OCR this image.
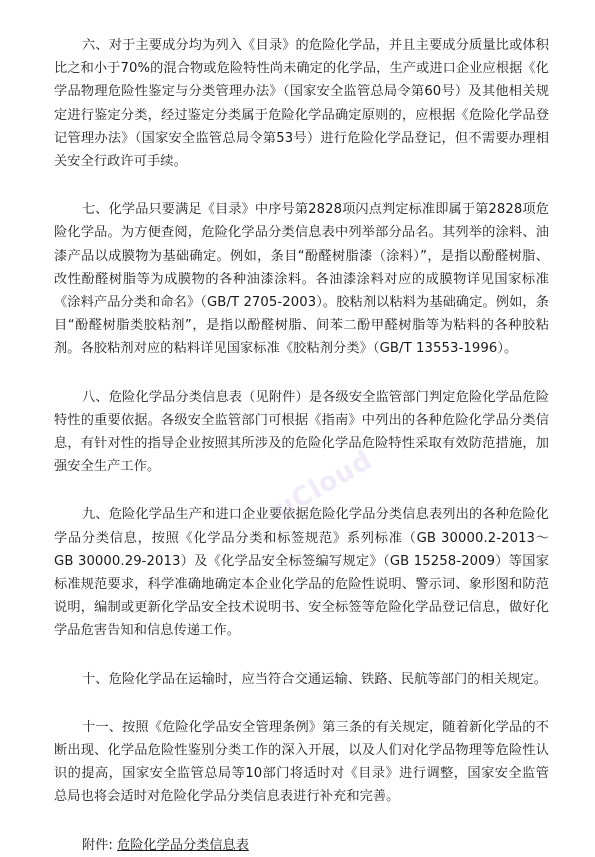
六、对于主要成分均为列入《目录》的危险化学品，并且主要成分质量比或体积比之和小于70%的混合物或危险特性尚未确定的化学品，生产或进口企业应根据《化学品物理危险性鉴定与分类管理办法》（国家安全监管总局令第60号）及其他相关规定进行鉴定分类，经过鉴定分类属于危险化学品确定原则的，应根据《危险化学品登记管理办法》（国家安全监管总局令第53号）进行危险化学品登记，但不需要办理相关安全行政许可手续。

七、化学品只要满足《目录》中序号第2828项闪点判定标准即属于第2828项危险化学品。为方便查阅，危险化学品分类信息表中列举部分品名。其列举的涂料、油漆产品以成膜物为基础确定。例如，条目“酚醛树脂漆（涂料）”，是指以酚醛树脂、改性酚醛树脂等为成膜物的各种油漆涂料。各油漆涂料对应的成膜物详见国家标准《涂料产品分类和命名》（GB/T 2705-2003）。胶粘剂以粘料为基础确定。例如，条目“酚醛树脂类胶粘剂”，是指以酚醛树脂、间苯二酚甲醛树脂等为粘料的各种胶粘剂。各胶粘剂对应的粘料详见国家标准《胶粘剂分类》（GB/T 13553-1996）。

八、危险化学品分类信息表（见附件）是各级安全监管部门判定危险化学品危险特性的重要依据。各级安全监管部门可根据《指南》中列出的各种危险化学品分类信息，有针对性的指导企业按照其所涉及的危险化学品危险特性采取有效防范措施，加强安全生产工作。

九、危险化学品生产和进口企业要依据危险化学品分类信息表列出的各种危险化学品分类信息，按照《化学品分类和标签规范》系列标准（GB 30000.2-2013～GB 30000.29-2013）及《化学品安全标签编写规定》（GB 15258-2009）等国家标准规范要求，科学准确地确定本企业化学品的危险性说明、警示词、象形图和防范说明，编制或更新化学品安全技术说明书、安全标签等危险化学品登记信息，做好化学品危害告知和信息传递工作。

十、危险化学品在运输时，应当符合交通运输、铁路、民航等部门的相关规定。

十一、按照《危险化学品安全管理条例》第三条的有关规定，随着新化学品的不断出现、化学品危险性鉴别分类工作的深入开展，以及人们对化学品物理等危险性认识的提高，国家安全监管总局等10部门将适时对《目录》进行调整，国家安全监管总局也将会适时对危险化学品分类信息表进行补充和完善。

附件: 危险化学品分类信息表
uCloud
